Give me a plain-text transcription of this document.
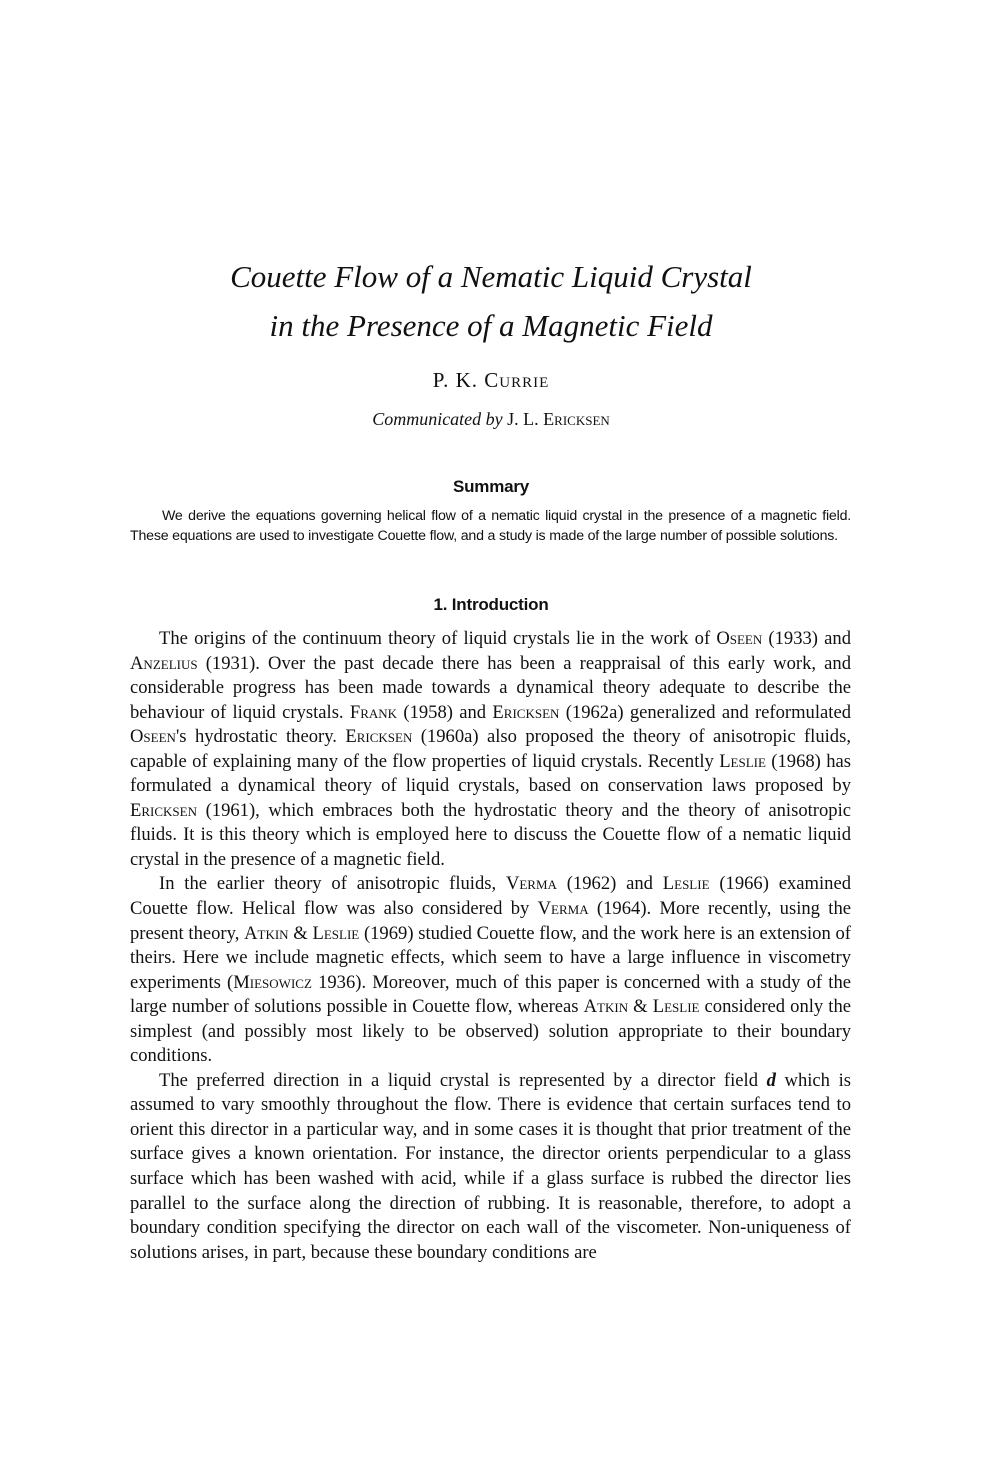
Couette Flow of a Nematic Liquid Crystal
in the Presence of a Magnetic Field
P. K. Currie
Communicated by J. L. Ericksen
Summary

We derive the equations governing helical flow of a nematic liquid crystal in the presence of a magnetic field. These equations are used to investigate Couette flow, and a study is made of the large number of possible solutions.

1. Introduction

The origins of the continuum theory of liquid crystals lie in the work of Oseen (1933) and Anzelius (1931). Over the past decade there has been a reappraisal of this early work, and considerable progress has been made towards a dynamical theory adequate to describe the behaviour of liquid crystals. Frank (1958) and Ericksen (1962a) generalized and reformulated Oseen's hydrostatic theory. Ericksen (1960a) also proposed the theory of anisotropic fluids, capable of explaining many of the flow properties of liquid crystals. Recently Leslie (1968) has formulated a dynamical theory of liquid crystals, based on conservation laws proposed by Ericksen (1961), which embraces both the hydrostatic theory and the theory of anisotropic fluids. It is this theory which is employed here to discuss the Couette flow of a nematic liquid crystal in the presence of a magnetic field.

In the earlier theory of anisotropic fluids, Verma (1962) and Leslie (1966) examined Couette flow. Helical flow was also considered by Verma (1964). More recently, using the present theory, Atkin & Leslie (1969) studied Couette flow, and the work here is an extension of theirs. Here we include magnetic effects, which seem to have a large influence in viscometry experiments (Miesowicz 1936). Moreover, much of this paper is concerned with a study of the large number of solutions possible in Couette flow, whereas Atkin & Leslie considered only the simplest (and possibly most likely to be observed) solution appropriate to their boundary conditions.

The preferred direction in a liquid crystal is represented by a director field d which is assumed to vary smoothly throughout the flow. There is evidence that certain surfaces tend to orient this director in a particular way, and in some cases it is thought that prior treatment of the surface gives a known orientation. For instance, the director orients perpendicular to a glass surface which has been washed with acid, while if a glass surface is rubbed the director lies parallel to the surface along the direction of rubbing. It is reasonable, therefore, to adopt a boundary condition specifying the director on each wall of the viscometer. Non-uniqueness of solutions arises, in part, because these boundary conditions are
